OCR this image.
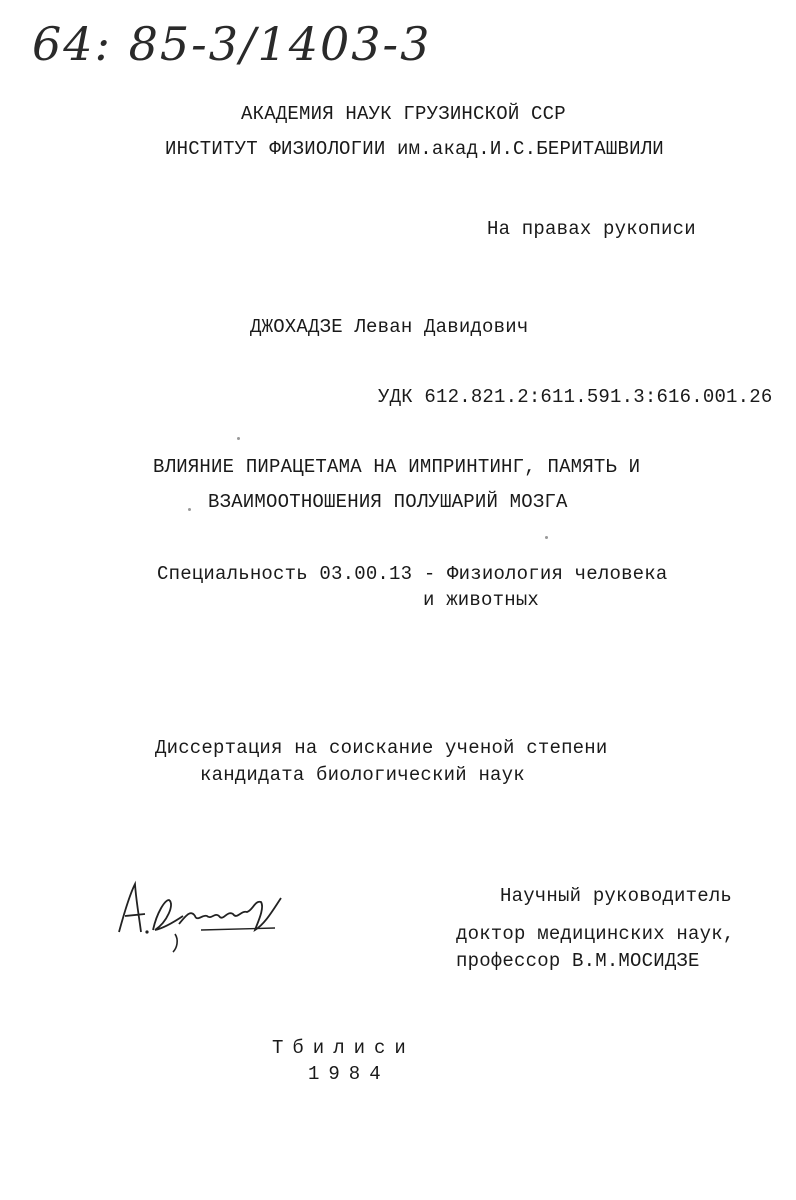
64: 85-3/1403-3
АКАДЕМИЯ НАУК ГРУЗИНСКОЙ ССР
ИНСТИТУТ ФИЗИОЛОГИИ им.акад.И.С.БЕРИТАШВИЛИ
На правах рукописи
ДЖОХАДЗЕ Леван Давидович
УДК 612.821.2:611.591.3:616.001.26
ВЛИЯНИЕ ПИРАЦЕТАМА НА ИМПРИНТИНГ, ПАМЯТЬ И
ВЗАИМООТНОШЕНИЯ ПОЛУШАРИЙ МОЗГА
Специальность 03.00.13 - Физиология человека
и животных
Диссертация на соискание ученой степени
кандидата биологический наук
Научный руководитель
доктор медицинских наук,
профессор В.М.МОСИДЗЕ
Тбилиси
1984
